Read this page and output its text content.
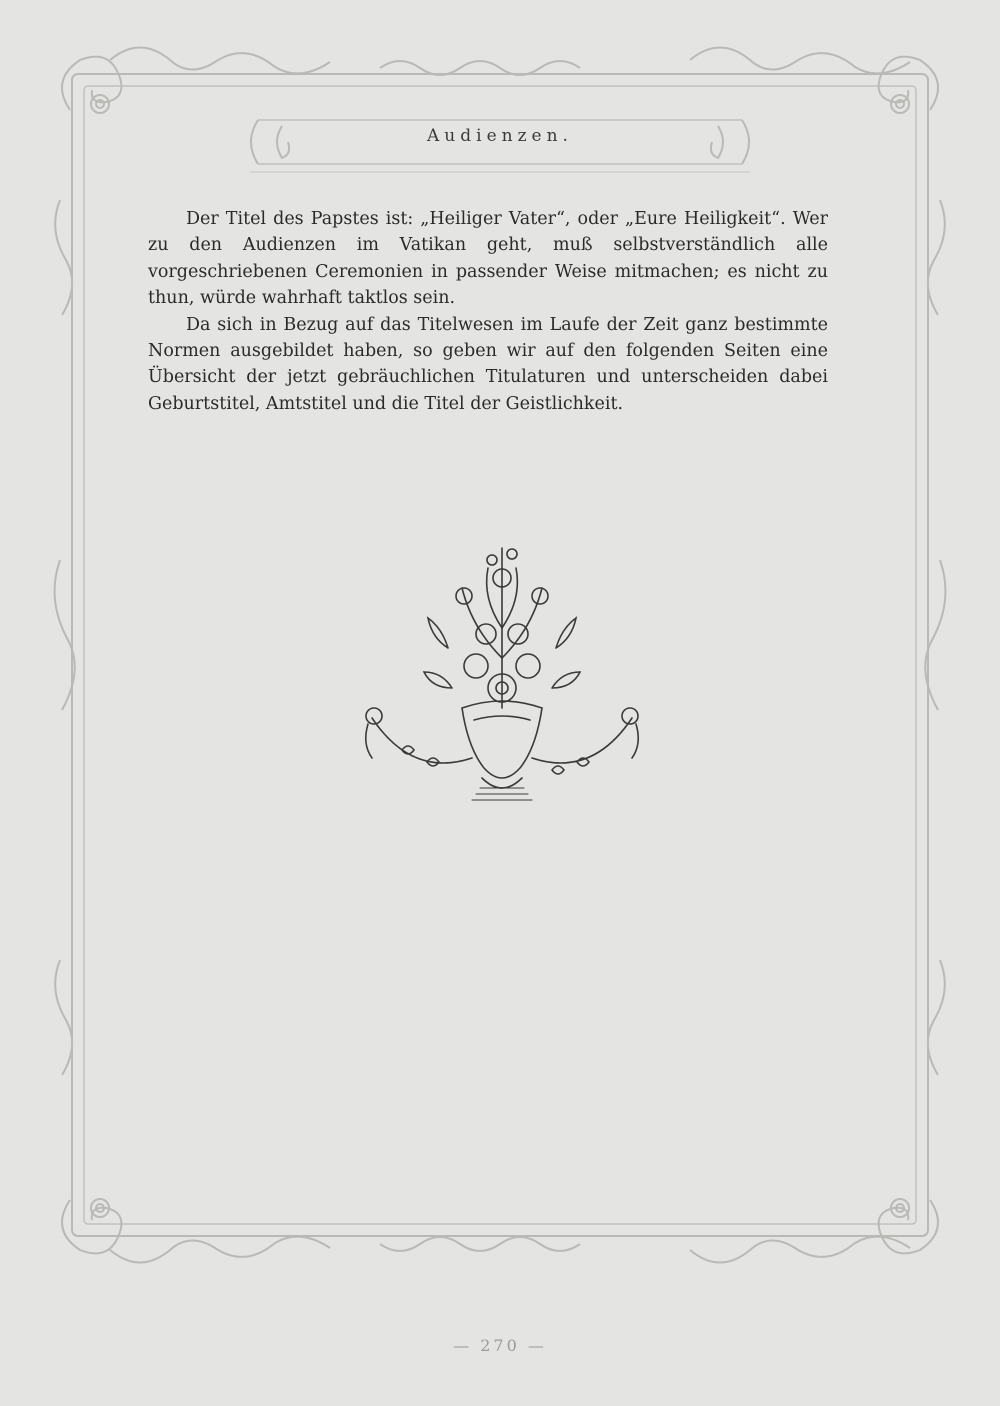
Audienzen.

Der Titel des Papstes ist: „Heiliger Vater“, oder „Eure Heiligkeit“. Wer zu den Audienzen im Vatikan geht, muß selbstverständlich alle vorgeschriebenen Ceremonien in passender Weise mitmachen; es nicht zu thun, würde wahrhaft taktlos sein.

Da sich in Bezug auf das Titelwesen im Laufe der Zeit ganz bestimmte Normen ausgebildet haben, so geben wir auf den folgenden Seiten eine Übersicht der jetzt gebräuchlichen Titulaturen und unterscheiden dabei Geburtstitel, Amtstitel und die Titel der Geistlichkeit.

— 270 —
